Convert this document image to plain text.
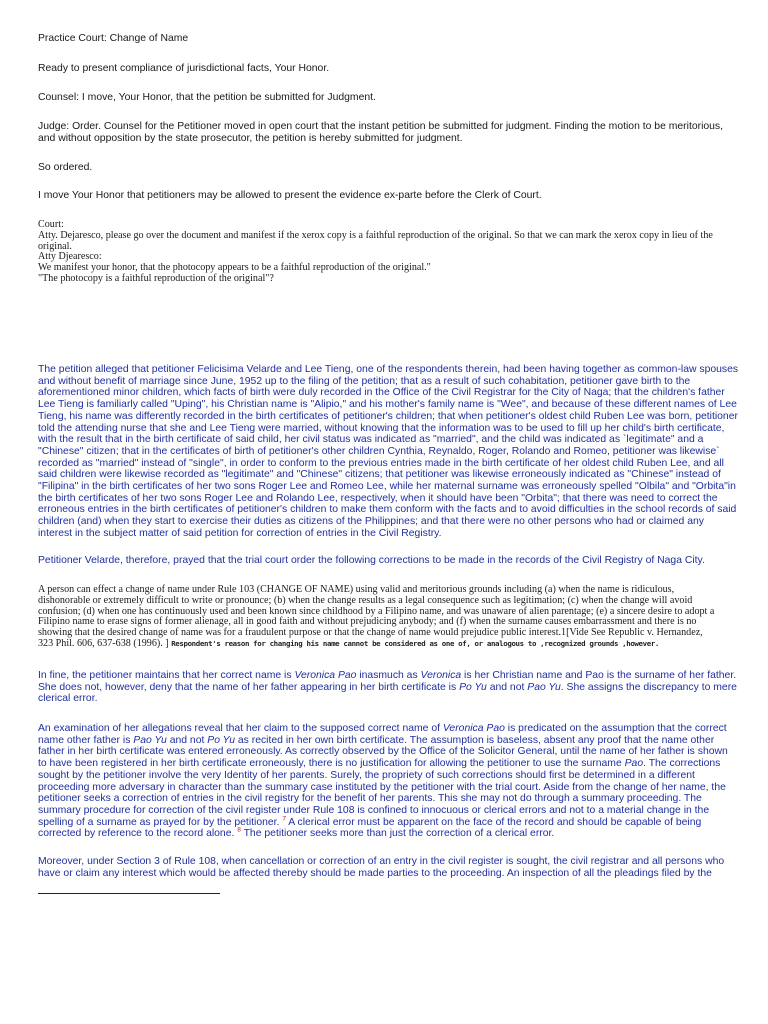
Practice Court: Change of Name

Ready to present compliance of jurisdictional facts, Your Honor.

Counsel: I move, Your Honor, that the petition be submitted for Judgment.

Judge: Order. Counsel for the Petitioner moved in open court that the instant petition be submitted for judgment. Finding the motion to be meritorious,
and without opposition by the state prosecutor, the petition is hereby submitted for judgment.

So ordered.

I move Your Honor that petitioners may be allowed to present the evidence ex-parte before the Clerk of Court.

Court:
Atty. Dejaresco, please go over the document and manifest if the xerox copy is a faithful reproduction of the original. So that we can mark the xerox copy in lieu of the
original.
Atty Djearesco:
We manifest your honor, that the photocopy appears to be a faithful reproduction of the original."
"The photocopy is a faithful reproduction of the original"?

The petition alleged that petitioner Felicisima Velarde and Lee Tieng, one of the respondents therein, had been having together as common-law spouses
and without benefit of marriage since June, 1952 up to the filing of the petition; that as a result of such cohabitation, petitioner gave birth to the
aforementioned minor children, which facts of birth were duly recorded in the Office of the Civil Registrar for the City of Naga; that the children's father
Lee Tieng is familiarly called "Uping", his Christian name is "Alipio," and his mother's family name is "Wee", and because of these different names of Lee
Tieng, his name was differently recorded in the birth certificates of petitioner's children; that when petitioner's oldest child Ruben Lee was born, petitioner
told the attending nurse that she and Lee Tieng were married, without knowing that the information was to be used to fill up her child's birth certificate,
with the result that in the birth certificate of said child, her civil status was indicated as "married", and the child was indicated as `legitimate" and a
"Chinese" citizen; that in the certificates of birth of petitioner's other children Cynthia, Reynaldo, Roger, Rolando and Romeo, petitioner was likewise`
recorded as "married" instead of "single", in order to conform to the previous entries made in the birth certificate of her oldest child Ruben Lee, and all
said children were likewise recorded as "legitimate" and "Chinese" citizens; that petitioner was likewise erroneously indicated as "Chinese" instead of
"Filipina" in the birth certificates of her two sons Roger Lee and Romeo Lee, while her maternal surname was erroneously spelled "Olbila" and "Orbita"in
the birth certificates of her two sons Roger Lee and Rolando Lee, respectively, when it should have been "Orbita"; that there was need to correct the
erroneous entries in the birth certificates of petitioner's children to make them conform with the facts and to avoid difficulties in the school records of said
children (and) when they start to exercise their duties as citizens of the Philippines; and that there were no other persons who had or claimed any
interest in the subject matter of said petition for correction of entries in the Civil Registry.

Petitioner Velarde, therefore, prayed that the trial court order the following corrections to be made in the records of the Civil Registry of Naga City.

A person can effect a change of name under Rule 103 (CHANGE OF NAME) using valid and meritorious grounds including (a) when the name is ridiculous,
dishonorable or extremely difficult to write or pronounce; (b) when the change results as a legal consequence such as legitimation; (c) when the change will avoid
confusion; (d) when one has continuously used and been known since childhood by a Filipino name, and was unaware of alien parentage; (e) a sincere desire to adopt a
Filipino name to erase signs of former alienage, all in good faith and without prejudicing anybody; and (f) when the surname causes embarrassment and there is no
showing that the desired change of name was for a fraudulent purpose or that the change of name would prejudice public interest.1[Vide See Republic v. Hernandez,
323 Phil. 606, 637-638 (1996). ] Respondent's reason for changing his name cannot be considered as one of, or analogous to ,recognized grounds ,however.

In fine, the petitioner maintains that her correct name is Veronica Pao inasmuch as Veronica is her Christian name and Pao is the surname of her father.
She does not, however, deny that the name of her father appearing in her birth certificate is Po Yu and not Pao Yu. She assigns the discrepancy to mere
clerical error.

An examination of her allegations reveal that her claim to the supposed correct name of Veronica Pao is predicated on the assumption that the correct
name other father is Pao Yu and not Po Yu as recited in her own birth certificate. The assumption is baseless, absent any proof that the name other
father in her birth certificate was entered erroneously. As correctly observed by the Office of the Solicitor General, until the name of her father is shown
to have been registered in her birth certificate erroneously, there is no justification for allowing the petitioner to use the surname Pao. The corrections
sought by the petitioner involve the very Identity of her parents. Surely, the propriety of such corrections should first be determined in a different
proceeding more adversary in character than the summary case instituted by the petitioner with the trial court. Aside from the change of her name, the
petitioner seeks a correction of entries in the civil registry for the benefit of her parents. This she may not do through a summary proceeding. The
summary procedure for correction of the civil register under Rule 108 is confined to innocuous or clerical errors and not to a material change in the
spelling of a surname as prayed for by the petitioner. $^7$ A clerical error must be apparent on the face of the record and should be capable of being
corrected by reference to the record alone. $^8$ The petitioner seeks more than just the correction of a clerical error.

Moreover, under Section 3 of Rule 108, when cancellation or correction of an entry in the civil register is sought, the civil registrar and all persons who
have or claim any interest which would be affected thereby should be made parties to the proceeding. An inspection of all the pleadings filed by the
